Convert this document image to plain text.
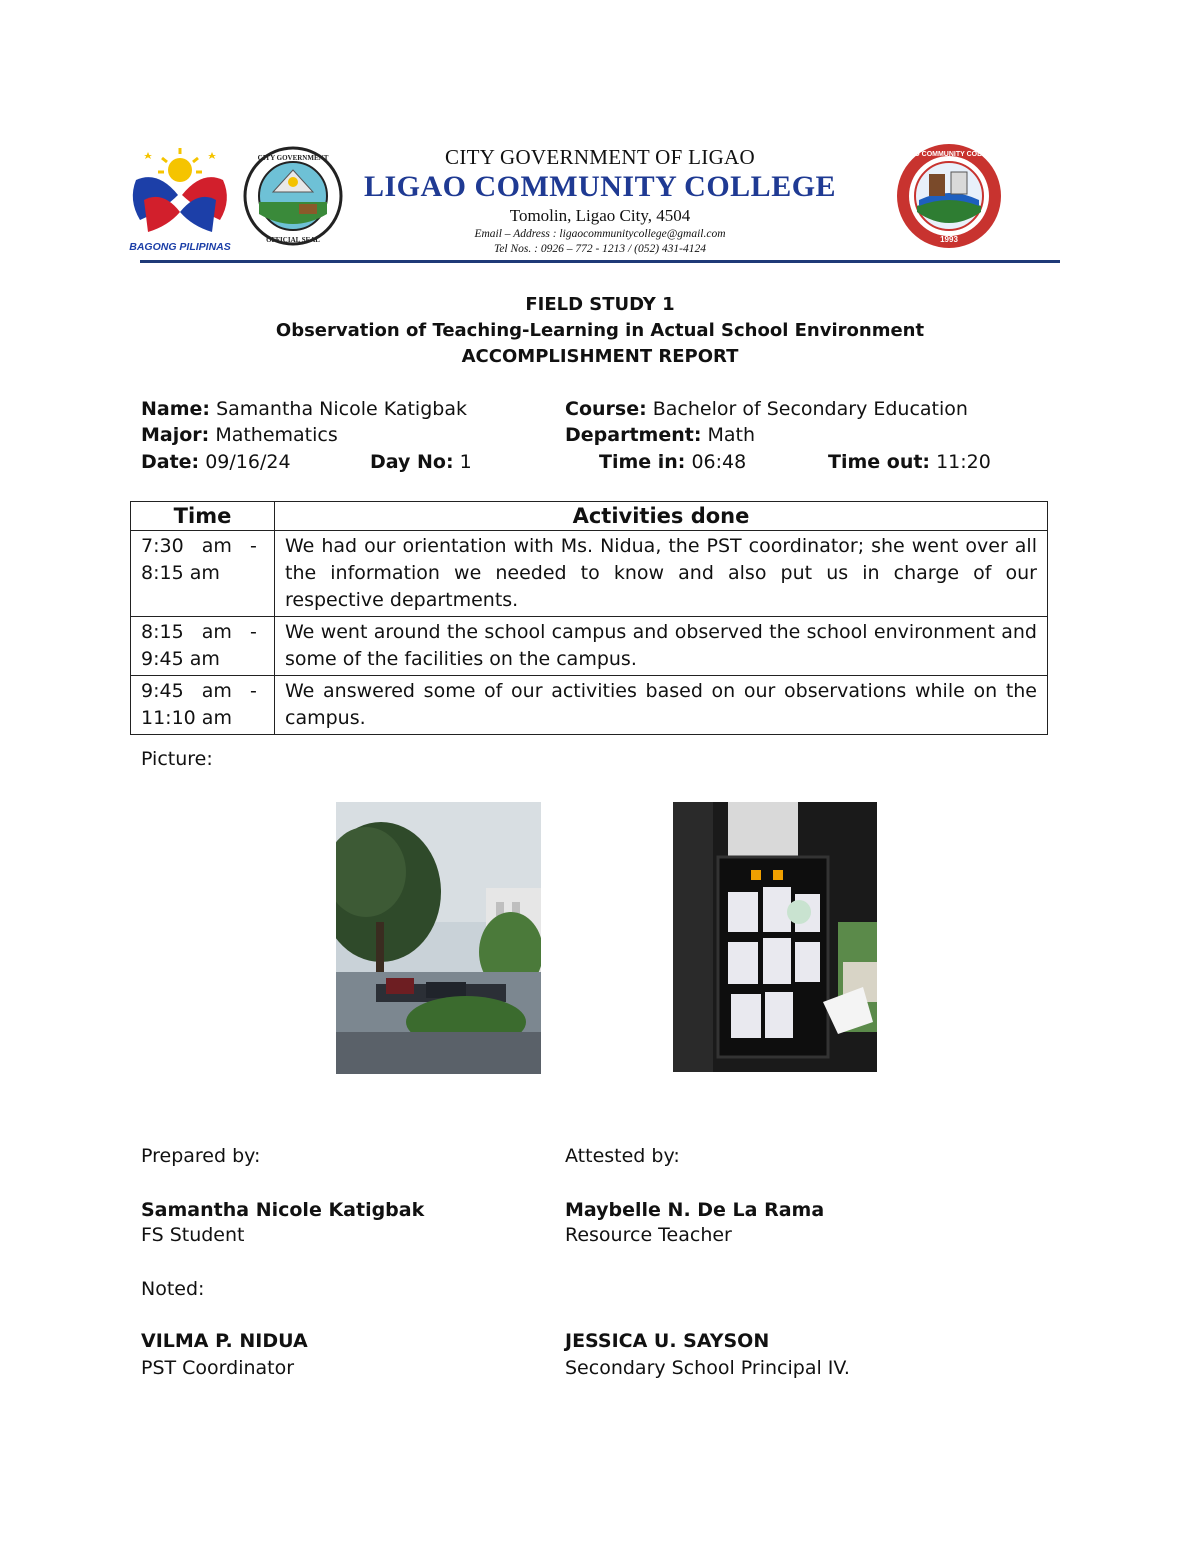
BAGONG PILIPINAS
CITY GOVERNMENT
OFFICIAL SEAL
LIGAO COMMUNITY COLLEGE
1993
CITY GOVERNMENT OF LIGAO
LIGAO COMMUNITY COLLEGE
Tomolin, Ligao City, 4504
Email – Address : ligaocommunitycollege@gmail.com
Tel Nos. : 0926 – 772 - 1213 / (052) 431-4124
FIELD STUDY 1
Observation of Teaching-Learning in Actual School Environment
ACCOMPLISHMENT REPORT
Name: Samantha Nicole Katigbak	Course: Bachelor of Secondary Education
Major: Mathematics	Department: Math
Date: 09/16/24	Day No: 1	Time in: 06:48	Time out: 11:20
Time	Activities done

7:30   am   -
8:15 am	We had our orientation with Ms. Nidua, the PST coordinator; she went over all the information we needed to know and also put us in charge of our respective departments.

8:15   am   -
9:45 am	We went around the school campus and observed the school environment and some of the facilities on the campus.

9:45   am   -
11:10 am	We answered some of our activities based on our observations while on the campus.
Picture:
Prepared by:	Attested by:
Samantha Nicole Katigbak
FS Student
Maybelle N. De La Rama
Resource Teacher
Noted:
VILMA P. NIDUA
PST Coordinator
JESSICA U. SAYSON
Secondary School Principal IV.
